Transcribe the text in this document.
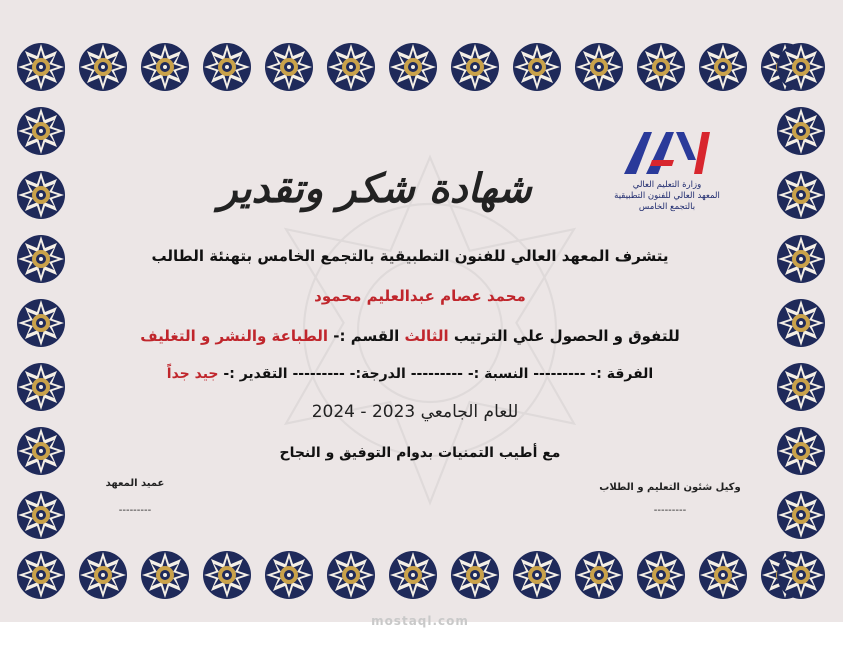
وزارة التعليم العالي
المعهد العالي للفنون التطبيقية
بالتجمع الخامس
شهادة شكر وتقدير
يتشرف المعهد العالي للفنون التطبيقية بالتجمع الخامس بتهنئة الطالب
محمد عصام عبدالعليم محمود
للتفوق و الحصول علي الترتيب الثالث القسم :- الطباعة والنشر و التغليف
الفرقة :- --------- النسبة :- --------- الدرجة:- --------- التقدير :- جيد جداً
للعام الجامعي 2023 - 2024
مع أطيب التمنيات بدوام التوفيق و النجاح
عميد المعهد
---------
وكيل شئون التعليم و الطلاب
---------
mostaql.com
